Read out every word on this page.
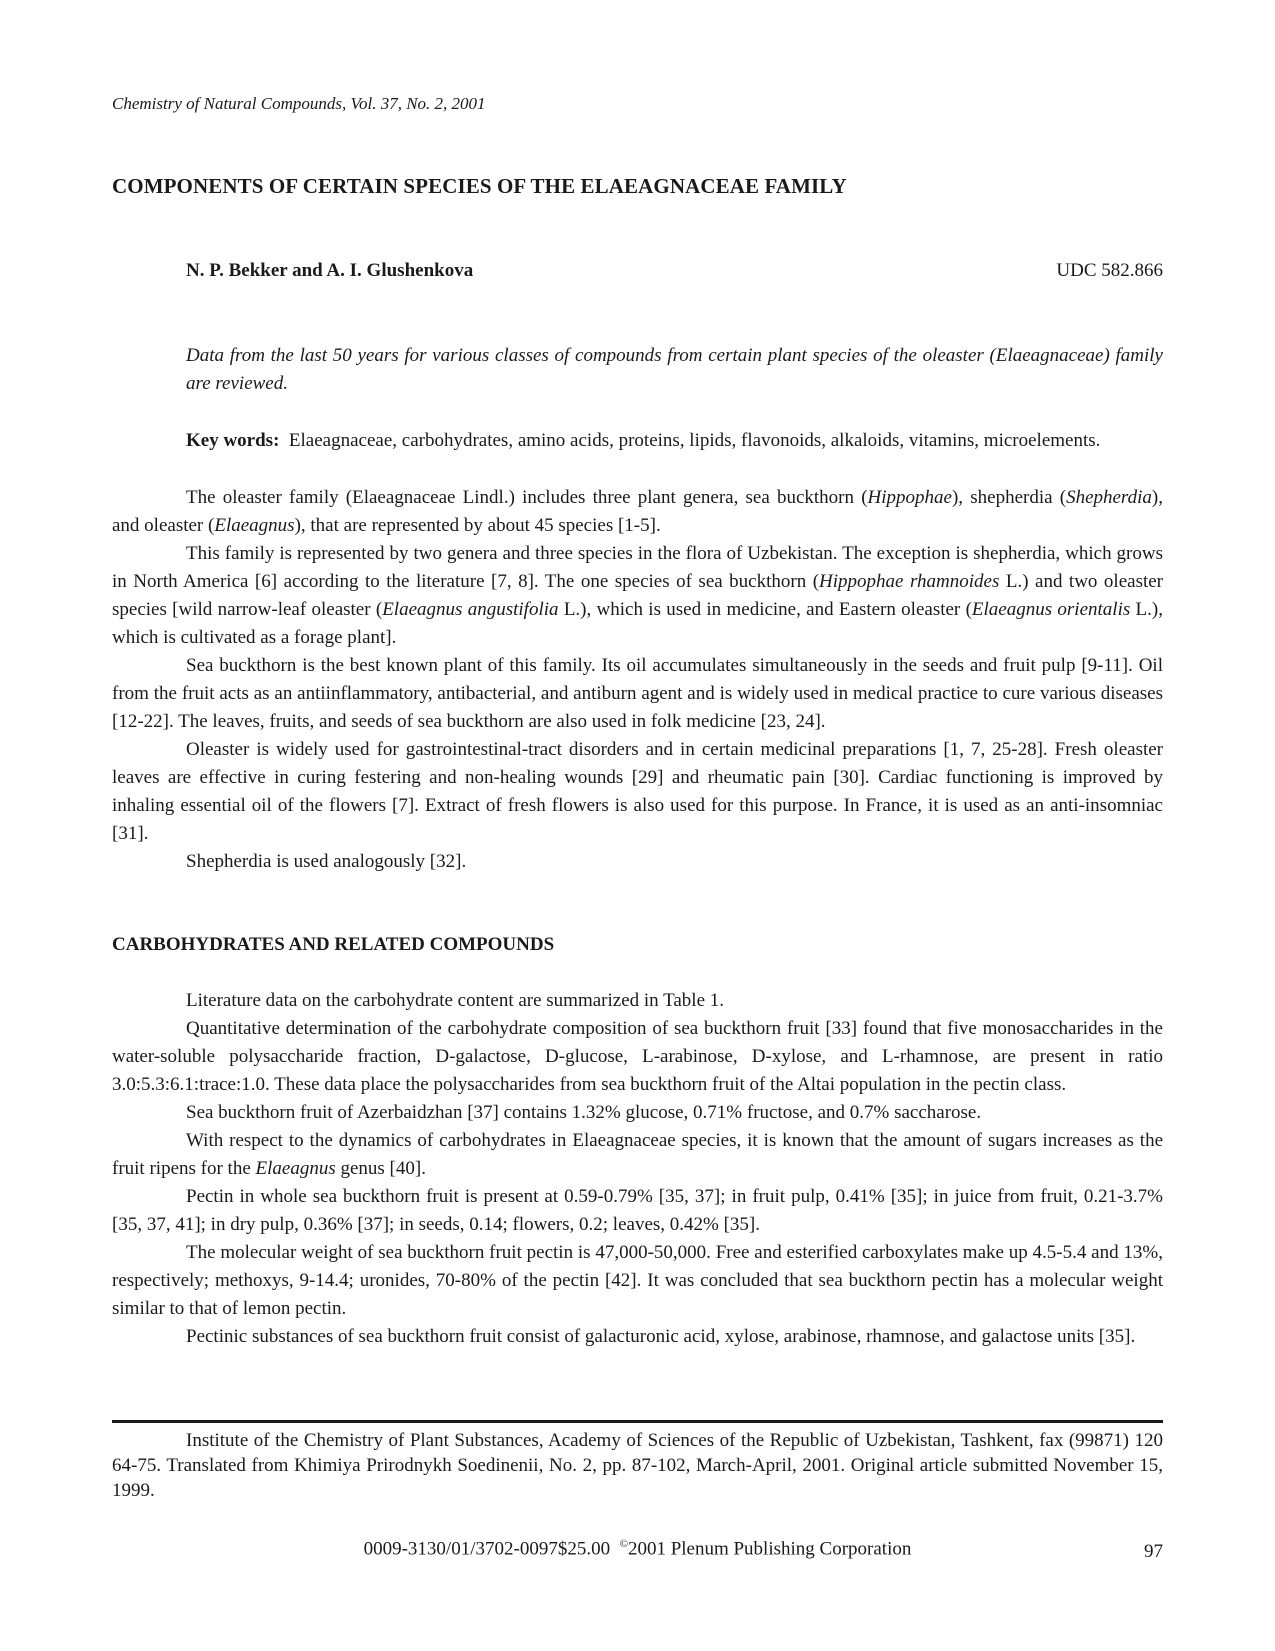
Chemistry of Natural Compounds, Vol. 37, No. 2, 2001
COMPONENTS OF CERTAIN SPECIES OF THE ELAEAGNACEAE FAMILY
N. P. Bekker and A. I. Glushenkova	UDC 582.866
Data from the last 50 years for various classes of compounds from certain plant species of the oleaster (Elaeagnaceae) family are reviewed.
Key words: Elaeagnaceae, carbohydrates, amino acids, proteins, lipids, flavonoids, alkaloids, vitamins, microelements.

The oleaster family (Elaeagnaceae Lindl.) includes three plant genera, sea buckthorn (Hippophae), shepherdia (Shepherdia), and oleaster (Elaeagnus), that are represented by about 45 species [1-5].

This family is represented by two genera and three species in the flora of Uzbekistan. The exception is shepherdia, which grows in North America [6] according to the literature [7, 8]. The one species of sea buckthorn (Hippophae rhamnoides L.) and two oleaster species [wild narrow-leaf oleaster (Elaeagnus angustifolia L.), which is used in medicine, and Eastern oleaster (Elaeagnus orientalis L.), which is cultivated as a forage plant].

Sea buckthorn is the best known plant of this family. Its oil accumulates simultaneously in the seeds and fruit pulp [9-11]. Oil from the fruit acts as an antiinflammatory, antibacterial, and antiburn agent and is widely used in medical practice to cure various diseases [12-22]. The leaves, fruits, and seeds of sea buckthorn are also used in folk medicine [23, 24].

Oleaster is widely used for gastrointestinal-tract disorders and in certain medicinal preparations [1, 7, 25-28]. Fresh oleaster leaves are effective in curing festering and non-healing wounds [29] and rheumatic pain [30]. Cardiac functioning is improved by inhaling essential oil of the flowers [7]. Extract of fresh flowers is also used for this purpose. In France, it is used as an anti-insomniac [31].

Shepherdia is used analogously [32].

CARBOHYDRATES AND RELATED COMPOUNDS

Literature data on the carbohydrate content are summarized in Table 1.

Quantitative determination of the carbohydrate composition of sea buckthorn fruit [33] found that five monosaccharides in the water-soluble polysaccharide fraction, D-galactose, D-glucose, L-arabinose, D-xylose, and L-rhamnose, are present in ratio 3.0:5.3:6.1:trace:1.0. These data place the polysaccharides from sea buckthorn fruit of the Altai population in the pectin class.

Sea buckthorn fruit of Azerbaidzhan [37] contains 1.32% glucose, 0.71% fructose, and 0.7% saccharose.

With respect to the dynamics of carbohydrates in Elaeagnaceae species, it is known that the amount of sugars increases as the fruit ripens for the Elaeagnus genus [40].

Pectin in whole sea buckthorn fruit is present at 0.59-0.79% [35, 37]; in fruit pulp, 0.41% [35]; in juice from fruit, 0.21-3.7% [35, 37, 41]; in dry pulp, 0.36% [37]; in seeds, 0.14; flowers, 0.2; leaves, 0.42% [35].

The molecular weight of sea buckthorn fruit pectin is 47,000-50,000. Free and esterified carboxylates make up 4.5-5.4 and 13%, respectively; methoxys, 9-14.4; uronides, 70-80% of the pectin [42]. It was concluded that sea buckthorn pectin has a molecular weight similar to that of lemon pectin.

Pectinic substances of sea buckthorn fruit consist of galacturonic acid, xylose, arabinose, rhamnose, and galactose units [35].

Institute of the Chemistry of Plant Substances, Academy of Sciences of the Republic of Uzbekistan, Tashkent, fax (99871) 120 64-75. Translated from Khimiya Prirodnykh Soedinenii, No. 2, pp. 87-102, March-April, 2001. Original article submitted November 15, 1999.

0009-3130/01/3702-0097$25.00 ©2001 Plenum Publishing Corporation	97
